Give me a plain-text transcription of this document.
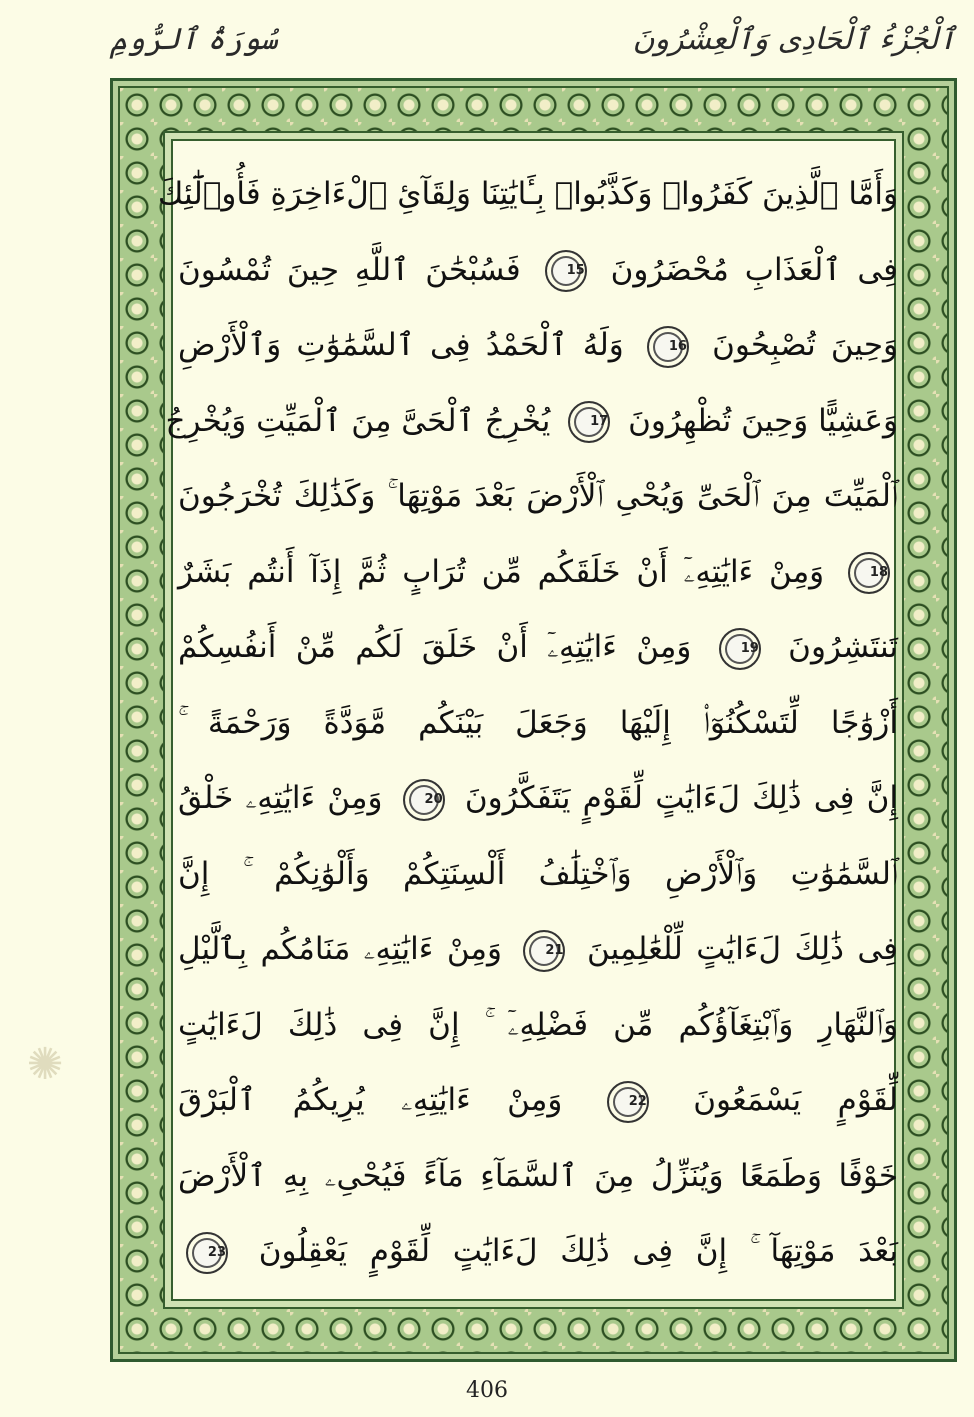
ٱلْجُزْءُ ٱلْحَادِى وَٱلْعِشْرُونَ
سُورَةُ ٱلرُّومِ
وَأَمَّا ٱلَّذِينَ كَفَرُوا۟ وَكَذَّبُوا۟ بِـَٔايَٰتِنَا وَلِقَآئِ ٱلْءَاخِرَةِ فَأُو۟لَٰٓئِكَ
فِى ٱلْعَذَابِ مُحْضَرُونَ 15 فَسُبْحَٰنَ ٱللَّهِ حِينَ تُمْسُونَ
وَحِينَ تُصْبِحُونَ 16 وَلَهُ ٱلْحَمْدُ فِى ٱلسَّمَٰوَٰتِ وَٱلْأَرْضِ
وَعَشِيًّا وَحِينَ تُظْهِرُونَ 17 يُخْرِجُ ٱلْحَىَّ مِنَ ٱلْمَيِّتِ وَيُخْرِجُ
ٱلْمَيِّتَ مِنَ ٱلْحَىِّ وَيُحْىِ ٱلْأَرْضَ بَعْدَ مَوْتِهَا ۚ وَكَذَٰلِكَ تُخْرَجُونَ
18 وَمِنْ ءَايَٰتِهِۦٓ أَنْ خَلَقَكُم مِّن تُرَابٍ ثُمَّ إِذَآ أَنتُم بَشَرٌ
تَنتَشِرُونَ 19 وَمِنْ ءَايَٰتِهِۦٓ أَنْ خَلَقَ لَكُم مِّنْ أَنفُسِكُمْ
أَزْوَٰجًا لِّتَسْكُنُوٓا۟ إِلَيْهَا وَجَعَلَ بَيْنَكُم مَّوَدَّةً وَرَحْمَةً ۚ
إِنَّ فِى ذَٰلِكَ لَءَايَٰتٍ لِّقَوْمٍ يَتَفَكَّرُونَ 20 وَمِنْ ءَايَٰتِهِۦ خَلْقُ
ٱلسَّمَٰوَٰتِ وَٱلْأَرْضِ وَٱخْتِلَٰفُ أَلْسِنَتِكُمْ وَأَلْوَٰنِكُمْ ۚ إِنَّ
فِى ذَٰلِكَ لَءَايَٰتٍ لِّلْعَٰلِمِينَ 21 وَمِنْ ءَايَٰتِهِۦ مَنَامُكُم بِٱلَّيْلِ
وَٱلنَّهَارِ وَٱبْتِغَآؤُكُم مِّن فَضْلِهِۦٓ ۚ إِنَّ فِى ذَٰلِكَ لَءَايَٰتٍ
لِّقَوْمٍ يَسْمَعُونَ 22 وَمِنْ ءَايَٰتِهِۦ يُرِيكُمُ ٱلْبَرْقَ
خَوْفًا وَطَمَعًا وَيُنَزِّلُ مِنَ ٱلسَّمَآءِ مَآءً فَيُحْىِۦ بِهِ ٱلْأَرْضَ
بَعْدَ مَوْتِهَآ ۚ إِنَّ فِى ذَٰلِكَ لَءَايَٰتٍ لِّقَوْمٍ يَعْقِلُونَ 23
✺
406
